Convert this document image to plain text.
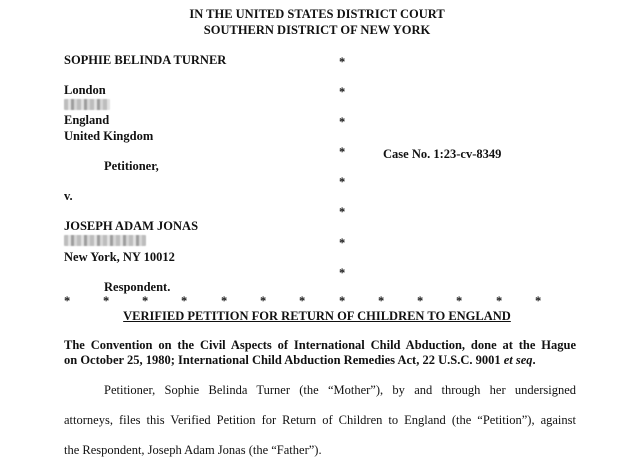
IN THE UNITED STATES DISTRICT COURT
SOUTHERN DISTRICT OF NEW YORK
SOPHIE BELINDA TURNER
London
England
United Kingdom
Petitioner,
v.
JOSEPH ADAM JONAS
New York, NY 10012
Respondent.
*
*
*
*
*
*
*
*
Case No. 1:23-cv-8349
*	*	*	*	*	*	*	*	*	*	*	*	*
VERIFIED PETITION FOR RETURN OF CHILDREN TO ENGLAND
The Convention on the Civil Aspects of International Child Abduction, done at the Hague
on October 25, 1980; International Child Abduction Remedies Act, 22 U.S.C. 9001 et seq.
Petitioner, Sophie Belinda Turner (the “Mother”), by and through her undersigned
attorneys, files this Verified Petition for Return of Children to England (the “Petition”), against
the Respondent, Joseph Adam Jonas (the “Father”).
